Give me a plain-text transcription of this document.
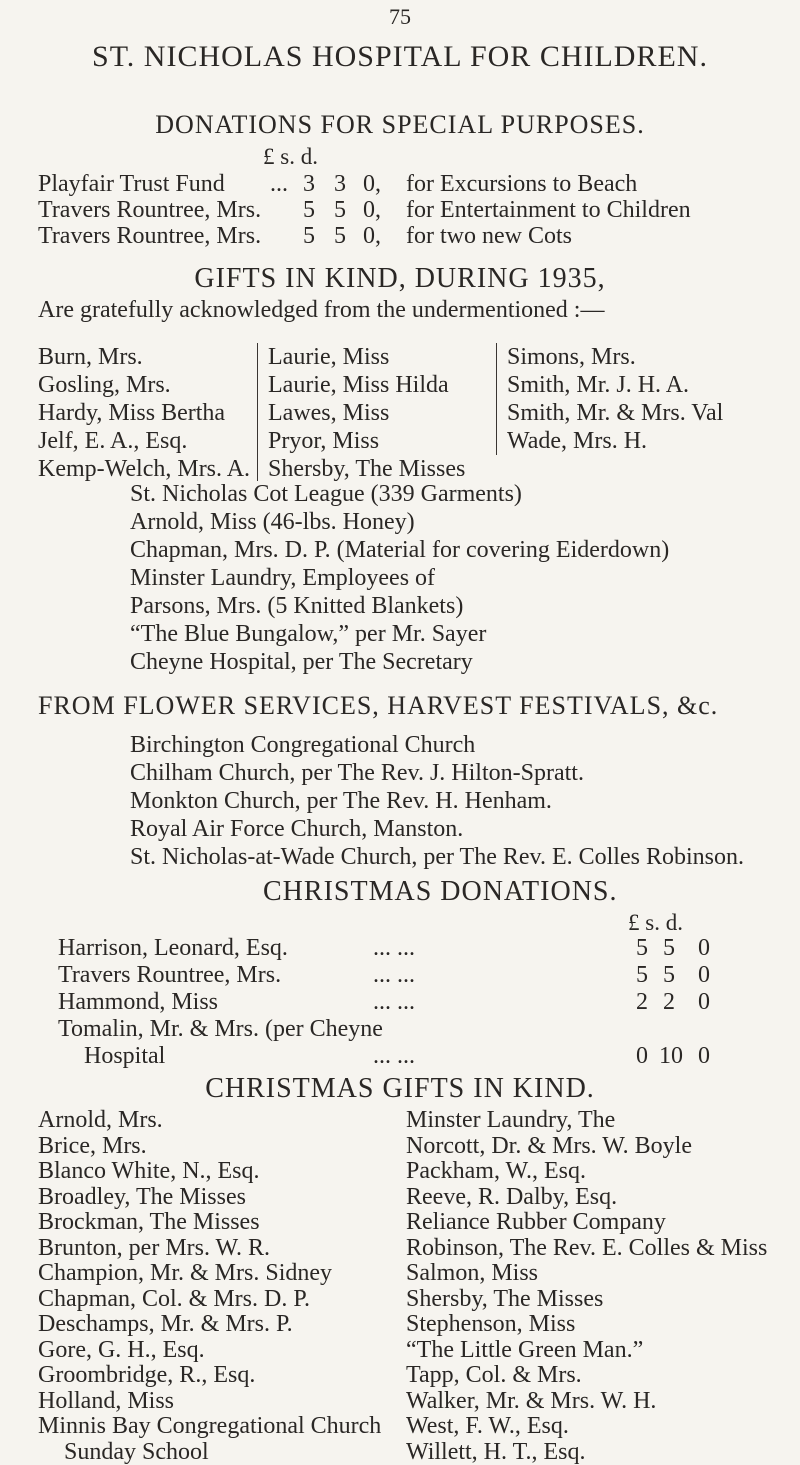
75
ST. NICHOLAS HOSPITAL FOR CHILDREN.
DONATIONS FOR SPECIAL PURPOSES.
£ s. d.
Playfair Trust Fund ... 3 3 0, for Excursions to Beach
Travers Rountree, Mrs. 5 5 0, for Entertainment to Children
Travers Rountree, Mrs. 5 5 0, for two new Cots
GIFTS IN KIND, DURING 1935,
Are gratefully acknowledged from the undermentioned :—
Burn, Mrs.
Gosling, Mrs.
Hardy, Miss Bertha
Jelf, E. A., Esq.
Kemp-Welch, Mrs. A.
Laurie, Miss
Laurie, Miss Hilda
Lawes, Miss
Pryor, Miss
Shersby, The Misses
Simons, Mrs.
Smith, Mr. J. H. A.
Smith, Mr. & Mrs. Val
Wade, Mrs. H.
St. Nicholas Cot League (339 Garments)
Arnold, Miss (46-lbs. Honey)
Chapman, Mrs. D. P. (Material for covering Eiderdown)
Minster Laundry, Employees of
Parsons, Mrs. (5 Knitted Blankets)
“The Blue Bungalow,” per Mr. Sayer
Cheyne Hospital, per The Secretary
FROM FLOWER SERVICES, HARVEST FESTIVALS, &c.
Birchington Congregational Church
Chilham Church, per The Rev. J. Hilton-Spratt.
Monkton Church, per The Rev. H. Henham.
Royal Air Force Church, Manston.
St. Nicholas-at-Wade Church, per The Rev. E. Colles Robinson.
CHRISTMAS DONATIONS.
£ s. d.
Harrison, Leonard, Esq.	... ...	5 5 0
Travers Rountree, Mrs.	... ...	5 5 0
Hammond, Miss	... ...	2 2 0
Tomalin, Mr. & Mrs. (per Cheyne
Hospital	... ...	0 10 0
CHRISTMAS GIFTS IN KIND.
Arnold, Mrs.
Brice, Mrs.
Blanco White, N., Esq.
Broadley, The Misses
Brockman, The Misses
Brunton, per Mrs. W. R.
Champion, Mr. & Mrs. Sidney
Chapman, Col. & Mrs. D. P.
Deschamps, Mr. & Mrs. P.
Gore, G. H., Esq.
Groombridge, R., Esq.
Holland, Miss
Minnis Bay Congregational Church
Sunday School
Minster Laundry, The
Norcott, Dr. & Mrs. W. Boyle
Packham, W., Esq.
Reeve, R. Dalby, Esq.
Reliance Rubber Company
Robinson, The Rev. E. Colles & Miss
Salmon, Miss
Shersby, The Misses
Stephenson, Miss
“The Little Green Man.”
Tapp, Col. & Mrs.
Walker, Mr. & Mrs. W. H.
West, F. W., Esq.
Willett, H. T., Esq.
